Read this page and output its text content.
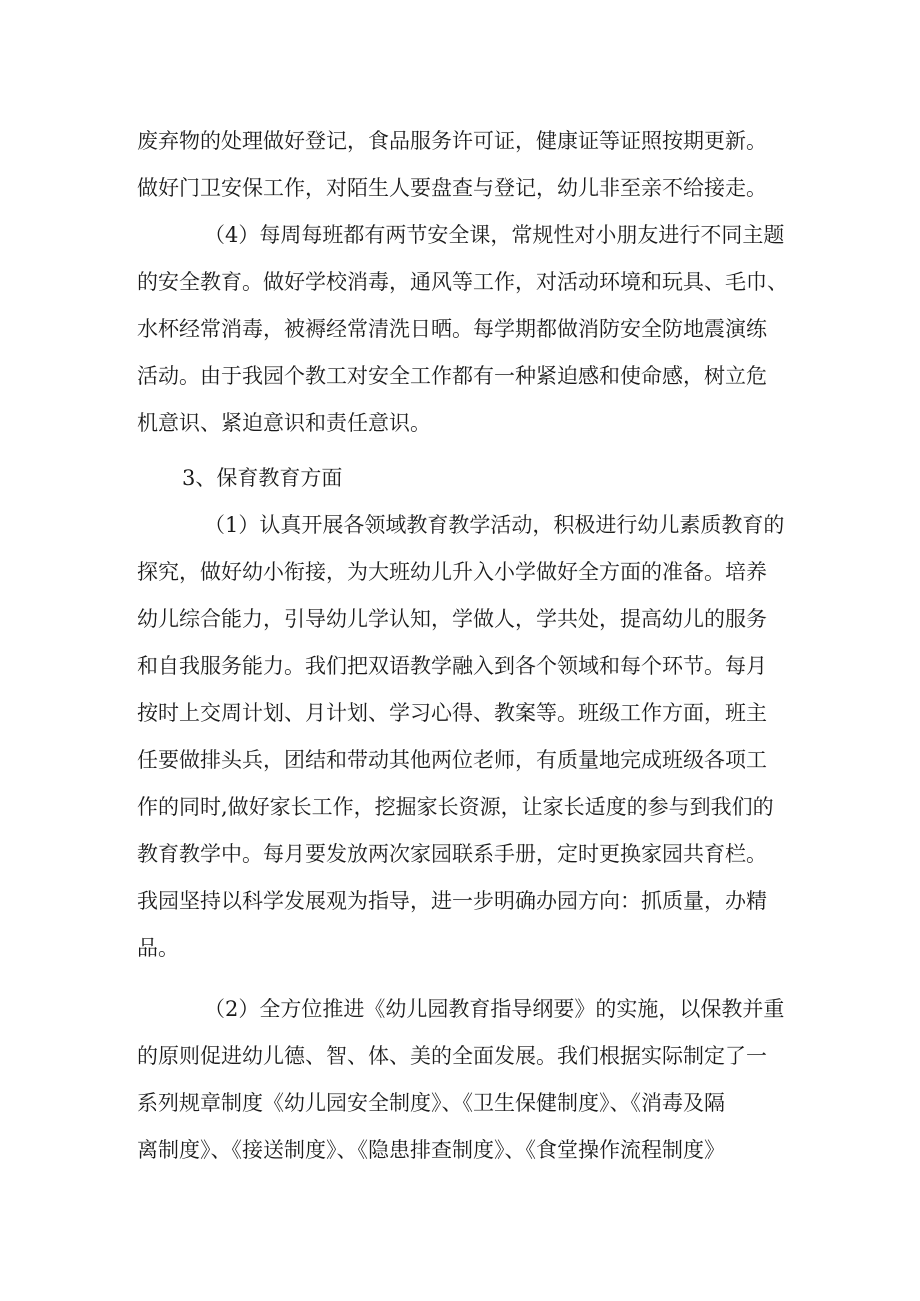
废弃物的处理做好登记，食品服务许可证，健康证等证照按期更新。
做好门卫安保工作，对陌生人要盘查与登记，幼儿非至亲不给接走。
（4）每周每班都有两节安全课，常规性对小朋友进行不同主题
的安全教育。做好学校消毒，通风等工作，对活动环境和玩具、毛巾、
水杯经常消毒，被褥经常清洗日晒。每学期都做消防安全防地震演练
活动。由于我园个教工对安全工作都有一种紧迫感和使命感，树立危
机意识、紧迫意识和责任意识。
3、保育教育方面
（1）认真开展各领域教育教学活动，积极进行幼儿素质教育的
探究，做好幼小衔接，为大班幼儿升入小学做好全方面的准备。培养
幼儿综合能力，引导幼儿学认知，学做人，学共处，提高幼儿的服务
和自我服务能力。我们把双语教学融入到各个领域和每个环节。每月
按时上交周计划、月计划、学习心得、教案等。班级工作方面，班主
任要做排头兵，团结和带动其他两位老师，有质量地完成班级各项工
作的同时,做好家长工作，挖掘家长资源，让家长适度的参与到我们的
教育教学中。每月要发放两次家园联系手册，定时更换家园共育栏。
我园坚持以科学发展观为指导，进一步明确办园方向：抓质量，办精
品。
（2）全方位推进《幼儿园教育指导纲要》的实施，以保教并重
的原则促进幼儿德、智、体、美的全面发展。我们根据实际制定了一
系列规章制度《幼儿园安全制度》、《卫生保健制度》、《消毒及隔
离制度》、《接送制度》、《隐患排查制度》、《食堂操作流程制度》
